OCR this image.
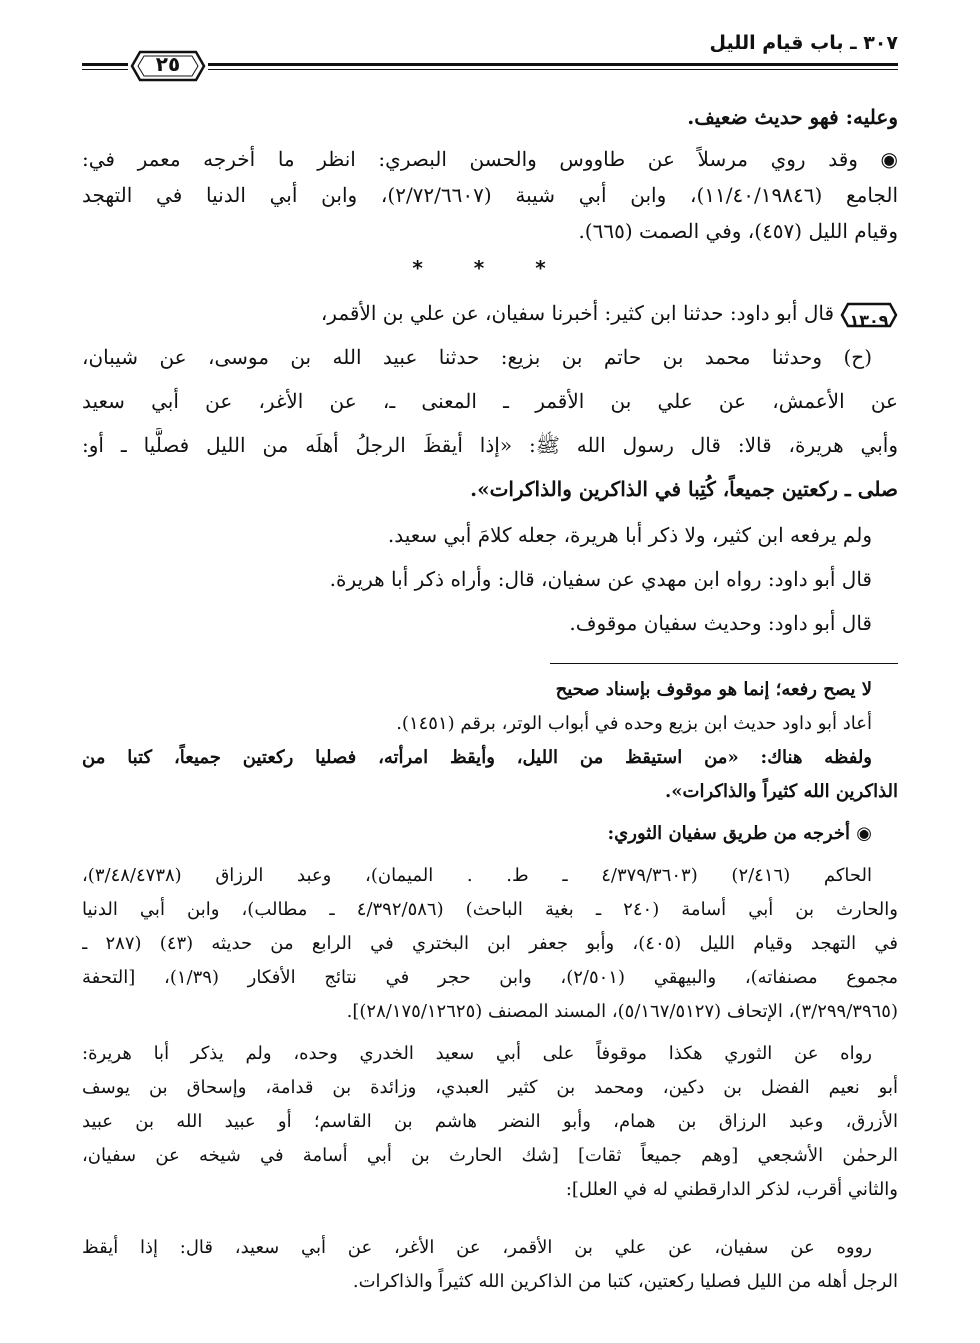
٣٠٧ ـ باب قيام الليل
٢٥
وعليه: فهو حديث ضعيف.
◉ وقد روي مرسلاً عن طاووس والحسن البصري: انظر ما أخرجه معمر في:
الجامع (١١/٤٠/١٩٨٤٦)، وابن أبي شيبة (٢/٧٢/٦٦٠٧)، وابن أبي الدنيا في التهجد
وقيام الليل (٤٥٧)، وفي الصمت (٦٦٥).
* * *
١٣٠٩
قال أبو داود: حدثنا ابن كثير: أخبرنا سفيان، عن علي بن الأقمر،
(ح) وحدثنا محمد بن حاتم بن بزيع: حدثنا عبيد الله بن موسى، عن شيبان،
عن الأعمش، عن علي بن الأقمر ـ المعنى ـ، عن الأغر، عن أبي سعيد
وأبي هريرة، قالا: قال رسول الله ﷺ: «إذا أيقظَ الرجلُ أهلَه من الليل فصلَّيا ـ أو:
صلى ـ ركعتين جميعاً، كُتِبا في الذاكرين والذاكرات».
ولم يرفعه ابن كثير، ولا ذكر أبا هريرة، جعله كلامَ أبي سعيد.
قال أبو داود: رواه ابن مهدي عن سفيان، قال: وأراه ذكر أبا هريرة.
قال أبو داود: وحديث سفيان موقوف.
لا يصح رفعه؛ إنما هو موقوف بإسناد صحيح
أعاد أبو داود حديث ابن بزيع وحده في أبواب الوتر، برقم (١٤٥١).
ولفظه هناك: «من استيقظ من الليل، وأيقظ امرأته، فصليا ركعتين جميعاً، كتبا من
الذاكرين الله كثيراً والذاكرات».
◉ أخرجه من طريق سفيان الثوري:
الحاكم (٢/٤١٦) (٤/٣٧٩/٣٦٠٣ ـ ط. . الميمان)، وعبد الرزاق (٣/٤٨/٤٧٣٨)،
والحارث بن أبي أسامة (٢٤٠ ـ بغية الباحث) (٤/٣٩٢/٥٨٦ ـ مطالب)، وابن أبي الدنيا
في التهجد وقيام الليل (٤٠٥)، وأبو جعفر ابن البختري في الرابع من حديثه (٤٣) (٢٨٧ ـ
مجموع مصنفاته)، والبيهقي (٢/٥٠١)، وابن حجر في نتائج الأفكار (١/٣٩)، [التحفة
(٣/٢٩٩/٣٩٦٥)، الإتحاف (٥/١٦٧/٥١٢٧)، المسند المصنف (٢٨/١٧٥/١٢٦٢٥)].
رواه عن الثوري هكذا موقوفاً على أبي سعيد الخدري وحده، ولم يذكر أبا هريرة:
أبو نعيم الفضل بن دكين، ومحمد بن كثير العبدي، وزائدة بن قدامة، وإسحاق بن يوسف
الأزرق، وعبد الرزاق بن همام، وأبو النضر هاشم بن القاسم؛ أو عبيد الله بن عبيد
الرحمٰن الأشجعي [وهم جميعاً ثقات] [شك الحارث بن أبي أسامة في شيخه عن سفيان،
والثاني أقرب، لذكر الدارقطني له في العلل]:
رووه عن سفيان، عن علي بن الأقمر، عن الأغر، عن أبي سعيد، قال: إذا أيقظ
الرجل أهله من الليل فصليا ركعتين، كتبا من الذاكرين الله كثيراً والذاكرات.
